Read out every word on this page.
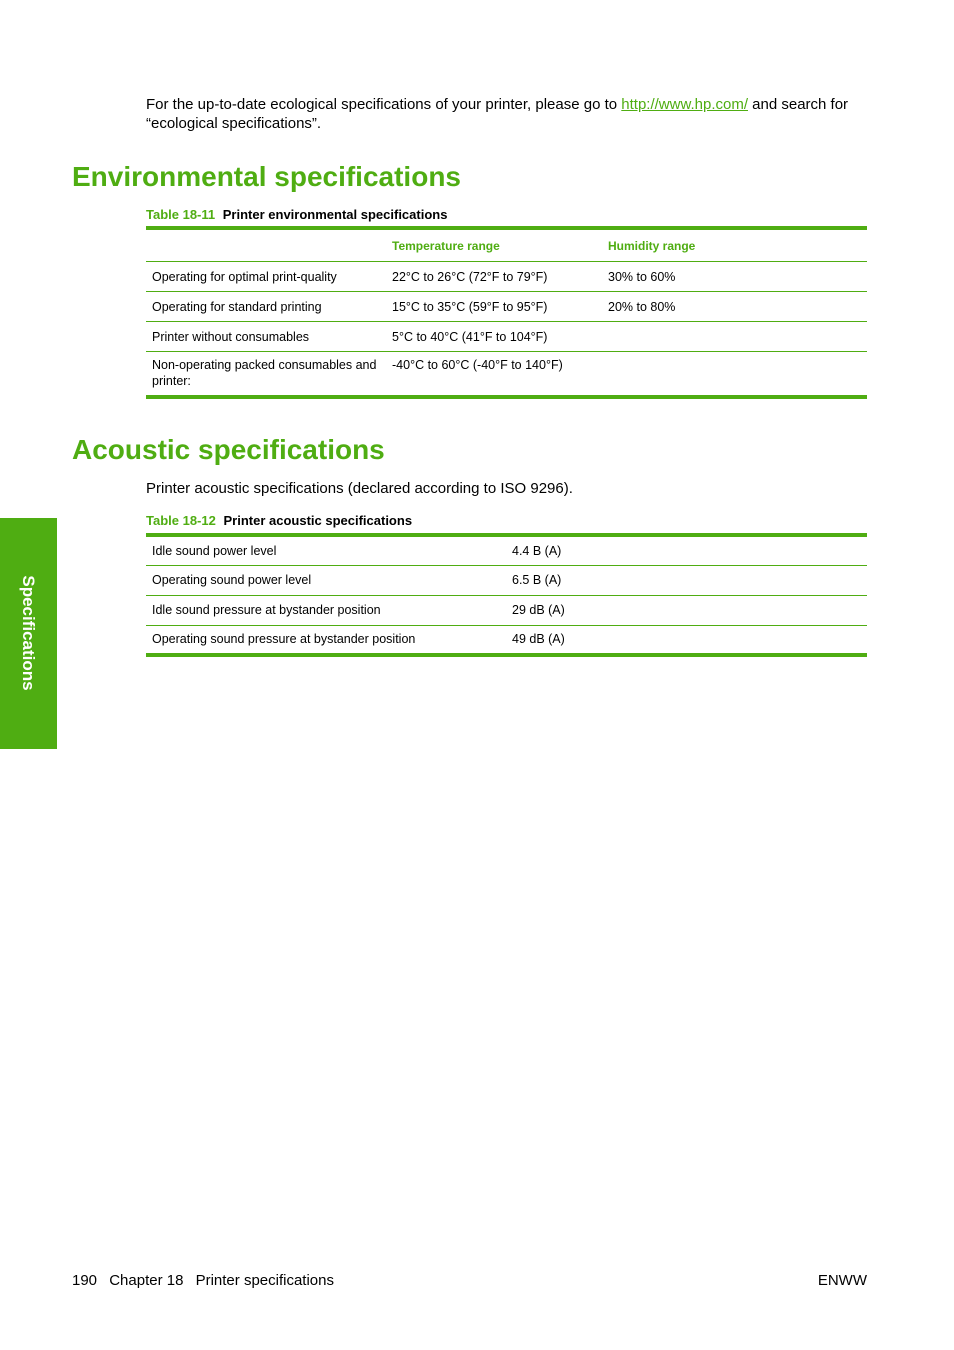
For the up-to-date ecological specifications of your printer, please go to http://www.hp.com/ and search for “ecological specifications”.

Environmental specifications
Table 18-11 Printer environmental specifications
	Temperature range	Humidity range
Operating for optimal print-quality	22°C to 26°C (72°F to 79°F)	30% to 60%
Operating for standard printing	15°C to 35°C (59°F to 95°F)	20% to 80%
Printer without consumables	5°C to 40°C (41°F to 104°F)	
Non-operating packed consumables and printer:	-40°C to 60°C (-40°F to 140°F)	
Acoustic specifications
Printer acoustic specifications (declared according to ISO 9296).
Table 18-12 Printer acoustic specifications
Idle sound power level	4.4 B (A)
Operating sound power level	6.5 B (A)
Idle sound pressure at bystander position	29 dB (A)
Operating sound pressure at bystander position	49 dB (A)
Specifications
190 Chapter 18 Printer specifications	ENWW
